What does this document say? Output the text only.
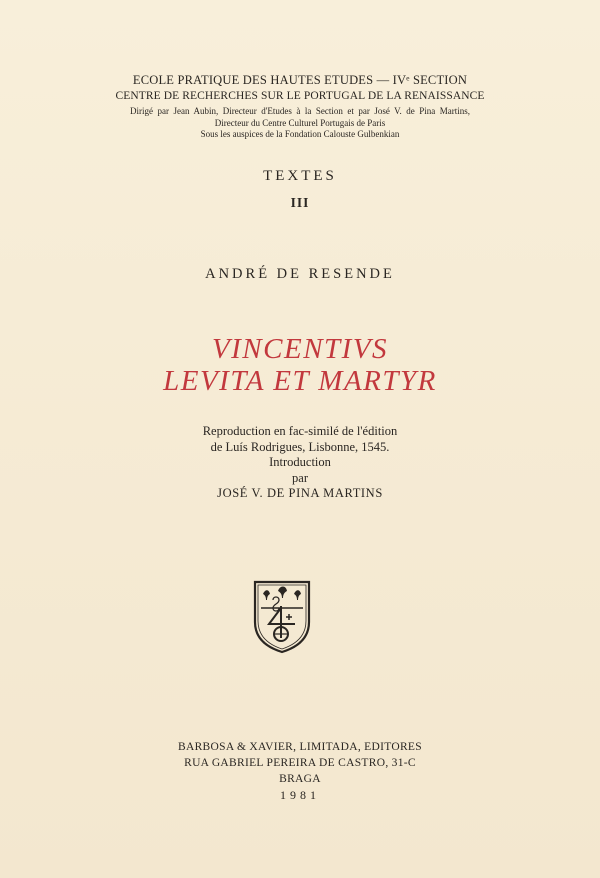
ECOLE PRATIQUE DES HAUTES ETUDES — IVᵉ SECTION
CENTRE DE RECHERCHES SUR LE PORTUGAL DE LA RENAISSANCE
Dirigé par Jean Aubin, Directeur d'Etudes à la Section et par José V. de Pina Martins, Directeur du Centre Culturel Portugais de Paris
Sous les auspices de la Fondation Calouste Gulbenkian
TEXTES
III
ANDRÉ DE RESENDE
VINCENTIVS
LEVITA ET MARTYR
Reproduction en fac-similé de l'édition
de Luís Rodrigues, Lisbonne, 1545.
Introduction
par
JOSÉ V. DE PINA MARTINS
BARBOSA & XAVIER, LIMITADA, EDITORES
RUA GABRIEL PEREIRA DE CASTRO, 31-C
BRAGA
1981
